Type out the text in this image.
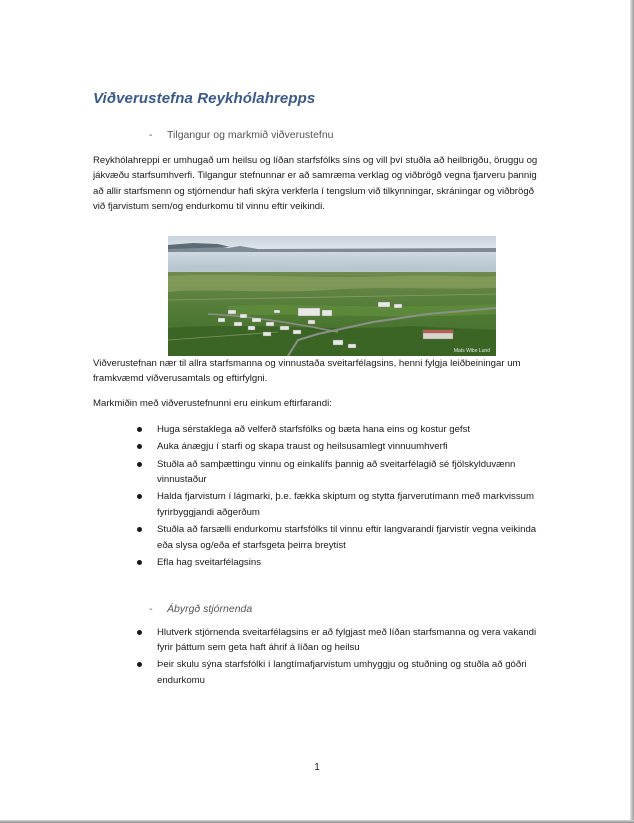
Viðverustefna Reykhólahrepps
-	Tilgangur og markmið viðverustefnu

Reykhólahreppi er umhugað um heilsu og líðan starfsfólks síns og vill því stuðla að heilbrigðu, öruggu og jákvæðu starfsumhverfi. Tilgangur stefnunnar er að samræma verklag og viðbrögð vegna fjarveru þannig að allir starfsmenn og stjórnendur hafi skýra verkferla í tengslum við tilkynningar, skráningar og viðbrögð við fjarvistum sem/og endurkomu til vinnu eftir veikindi.

Mats Wibe Lund

Viðverustefnan nær til allra starfsmanna og vinnustaða sveitarfélagsins, henni fylgja leiðbeiningar um framkvæmd viðverusamtals og eftirfylgni.

Markmiðin með viðverustefnunni eru einkum eftirfarandi:

Huga sérstaklega að velferð starfsfólks og bæta hana eins og kostur gefst
Auka ánægju í starfi og skapa traust og heilsusamlegt vinnuumhverfi
Stuðla að samþættingu vinnu og einkalífs þannig að sveitarfélagið sé fjölskylduvænn vinnustaður
Halda fjarvistum í lágmarki, þ.e. fækka skiptum og stytta fjarverutímann með markvissum fyrirbyggjandi aðgerðum
Stuðla að farsælli endurkomu starfsfólks til vinnu eftir langvarandi fjarvistir vegna veikinda eða slysa og/eða ef starfsgeta þeirra breytist
Efla hag sveitarfélagsins
-	Ábyrgð stjórnenda
Hlutverk stjórnenda sveitarfélagsins er að fylgjast með líðan starfsmanna og vera vakandi fyrir þáttum sem geta haft áhrif á líðan og heilsu
Þeir skulu sýna starfsfólki í langtímafjarvistum umhyggju og stuðning og stuðla að góðri endurkomu
1
